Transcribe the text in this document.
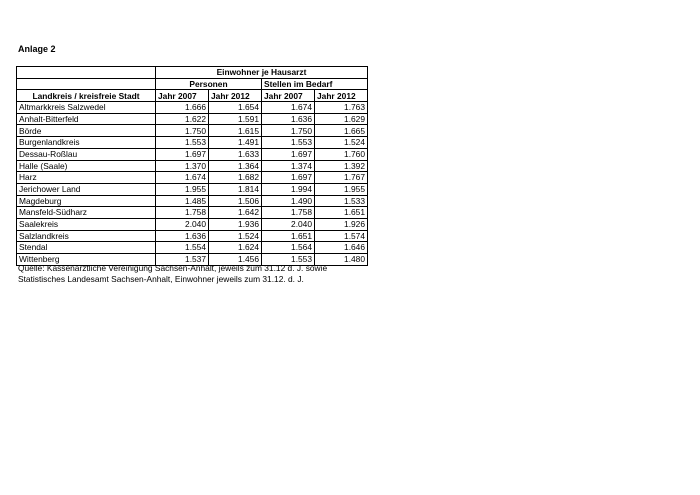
Anlage 2
	Einwohner je Hausarzt			
	Personen		Stellen im Bedarf	
Landkreis / kreisfreie Stadt	Jahr 2007	Jahr 2012	Jahr 2007	Jahr 2012
Altmarkkreis Salzwedel	1.666	1.654	1.674	1.763
Anhalt-Bitterfeld	1.622	1.591	1.636	1.629
Börde	1.750	1.615	1.750	1.665
Burgenlandkreis	1.553	1.491	1.553	1.524
Dessau-Roßlau	1.697	1.633	1.697	1.760
Halle (Saale)	1.370	1.364	1.374	1.392
Harz	1.674	1.682	1.697	1.767
Jerichower Land	1.955	1.814	1.994	1.955
Magdeburg	1.485	1.506	1.490	1.533
Mansfeld-Südharz	1.758	1.642	1.758	1.651
Saalekreis	2.040	1.936	2.040	1.926
Salzlandkreis	1.636	1.524	1.651	1.574
Stendal	1.554	1.624	1.564	1.646
Wittenberg	1.537	1.456	1.553	1.480
Quelle: Kassenärztliche Vereinigung Sachsen-Anhalt, jeweils zum 31.12 d. J. sowie
Statistisches Landesamt Sachsen-Anhalt, Einwohner jeweils zum 31.12. d. J.
